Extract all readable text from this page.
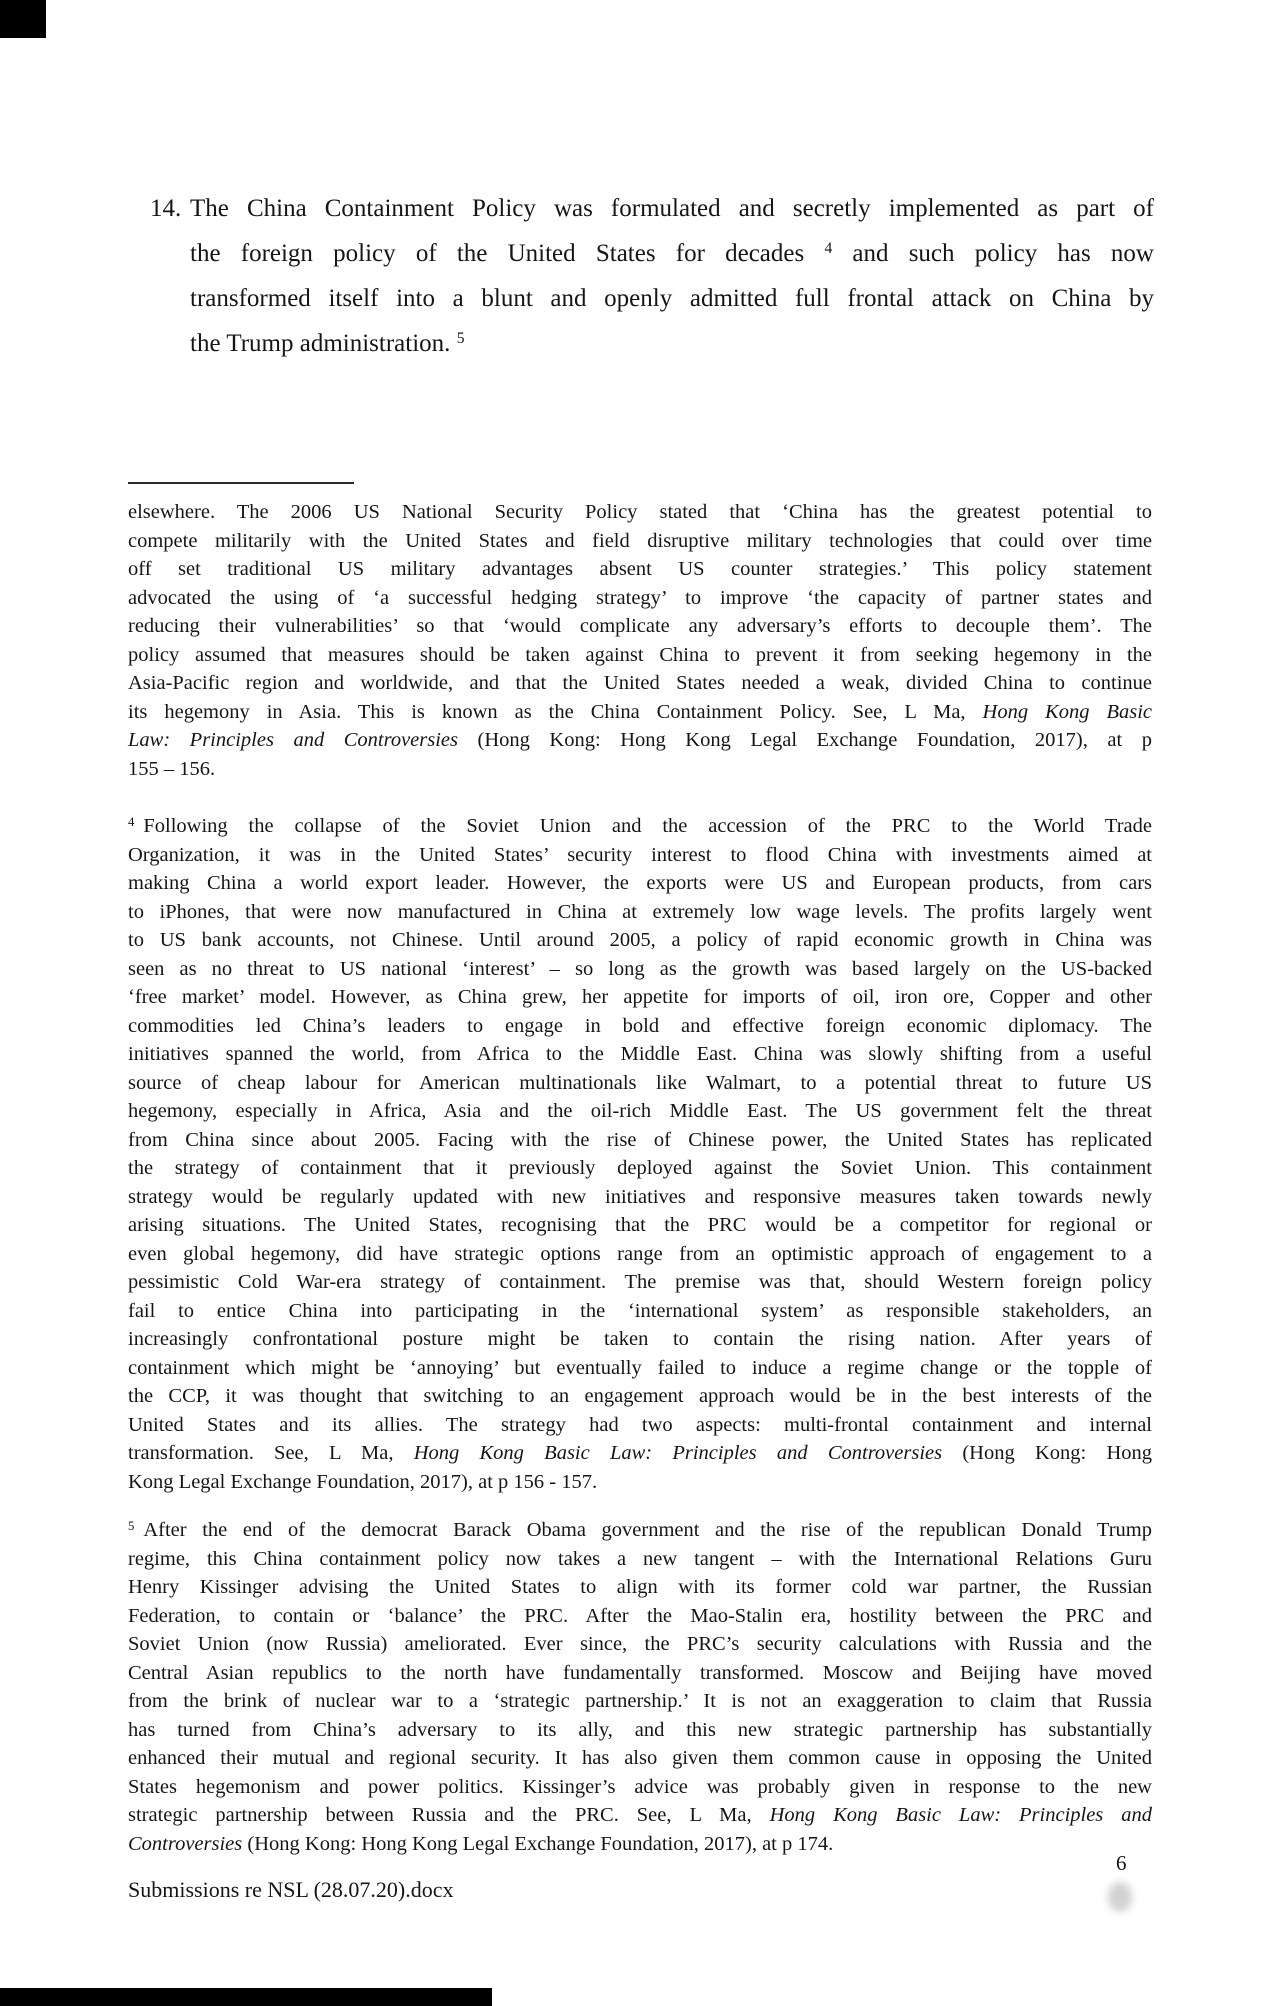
14. The China Containment Policy was formulated and secretly implemented as part of
the foreign policy of the United States for decades $^4$ and such policy has now
transformed itself into a blunt and openly admitted full frontal attack on China by
the Trump administration. $^5$
elsewhere. The 2006 US National Security Policy stated that ‘China has the greatest potential to
compete militarily with the United States and field disruptive military technologies that could over time
off set traditional US military advantages absent US counter strategies.’ This policy statement
advocated the using of ‘a successful hedging strategy’ to improve ‘the capacity of partner states and
reducing their vulnerabilities’ so that ‘would complicate any adversary’s efforts to decouple them’. The
policy assumed that measures should be taken against China to prevent it from seeking hegemony in the
Asia-Pacific region and worldwide, and that the United States needed a weak, divided China to continue
its hegemony in Asia. This is known as the China Containment Policy. See, L Ma, Hong Kong Basic
Law: Principles and Controversies (Hong Kong: Hong Kong Legal Exchange Foundation, 2017), at p
155 – 156.
$^4$ Following the collapse of the Soviet Union and the accession of the PRC to the World Trade
Organization, it was in the United States’ security interest to flood China with investments aimed at
making China a world export leader. However, the exports were US and European products, from cars
to iPhones, that were now manufactured in China at extremely low wage levels. The profits largely went
to US bank accounts, not Chinese. Until around 2005, a policy of rapid economic growth in China was
seen as no threat to US national ‘interest’ – so long as the growth was based largely on the US-backed
‘free market’ model. However, as China grew, her appetite for imports of oil, iron ore, Copper and other
commodities led China’s leaders to engage in bold and effective foreign economic diplomacy. The
initiatives spanned the world, from Africa to the Middle East. China was slowly shifting from a useful
source of cheap labour for American multinationals like Walmart, to a potential threat to future US
hegemony, especially in Africa, Asia and the oil-rich Middle East. The US government felt the threat
from China since about 2005. Facing with the rise of Chinese power, the United States has replicated
the strategy of containment that it previously deployed against the Soviet Union. This containment
strategy would be regularly updated with new initiatives and responsive measures taken towards newly
arising situations. The United States, recognising that the PRC would be a competitor for regional or
even global hegemony, did have strategic options range from an optimistic approach of engagement to a
pessimistic Cold War-era strategy of containment. The premise was that, should Western foreign policy
fail to entice China into participating in the ‘international system’ as responsible stakeholders, an
increasingly confrontational posture might be taken to contain the rising nation. After years of
containment which might be ‘annoying’ but eventually failed to induce a regime change or the topple of
the CCP, it was thought that switching to an engagement approach would be in the best interests of the
United States and its allies. The strategy had two aspects: multi-frontal containment and internal
transformation. See, L Ma, Hong Kong Basic Law: Principles and Controversies (Hong Kong: Hong
Kong Legal Exchange Foundation, 2017), at p 156 - 157.
$^5$ After the end of the democrat Barack Obama government and the rise of the republican Donald Trump
regime, this China containment policy now takes a new tangent – with the International Relations Guru
Henry Kissinger advising the United States to align with its former cold war partner, the Russian
Federation, to contain or ‘balance’ the PRC. After the Mao-Stalin era, hostility between the PRC and
Soviet Union (now Russia) ameliorated. Ever since, the PRC’s security calculations with Russia and the
Central Asian republics to the north have fundamentally transformed. Moscow and Beijing have moved
from the brink of nuclear war to a ‘strategic partnership.’ It is not an exaggeration to claim that Russia
has turned from China’s adversary to its ally, and this new strategic partnership has substantially
enhanced their mutual and regional security. It has also given them common cause in opposing the United
States hegemonism and power politics. Kissinger’s advice was probably given in response to the new
strategic partnership between Russia and the PRC. See, L Ma, Hong Kong Basic Law: Principles and
Controversies (Hong Kong: Hong Kong Legal Exchange Foundation, 2017), at p 174.
6
Submissions re NSL (28.07.20).docx
